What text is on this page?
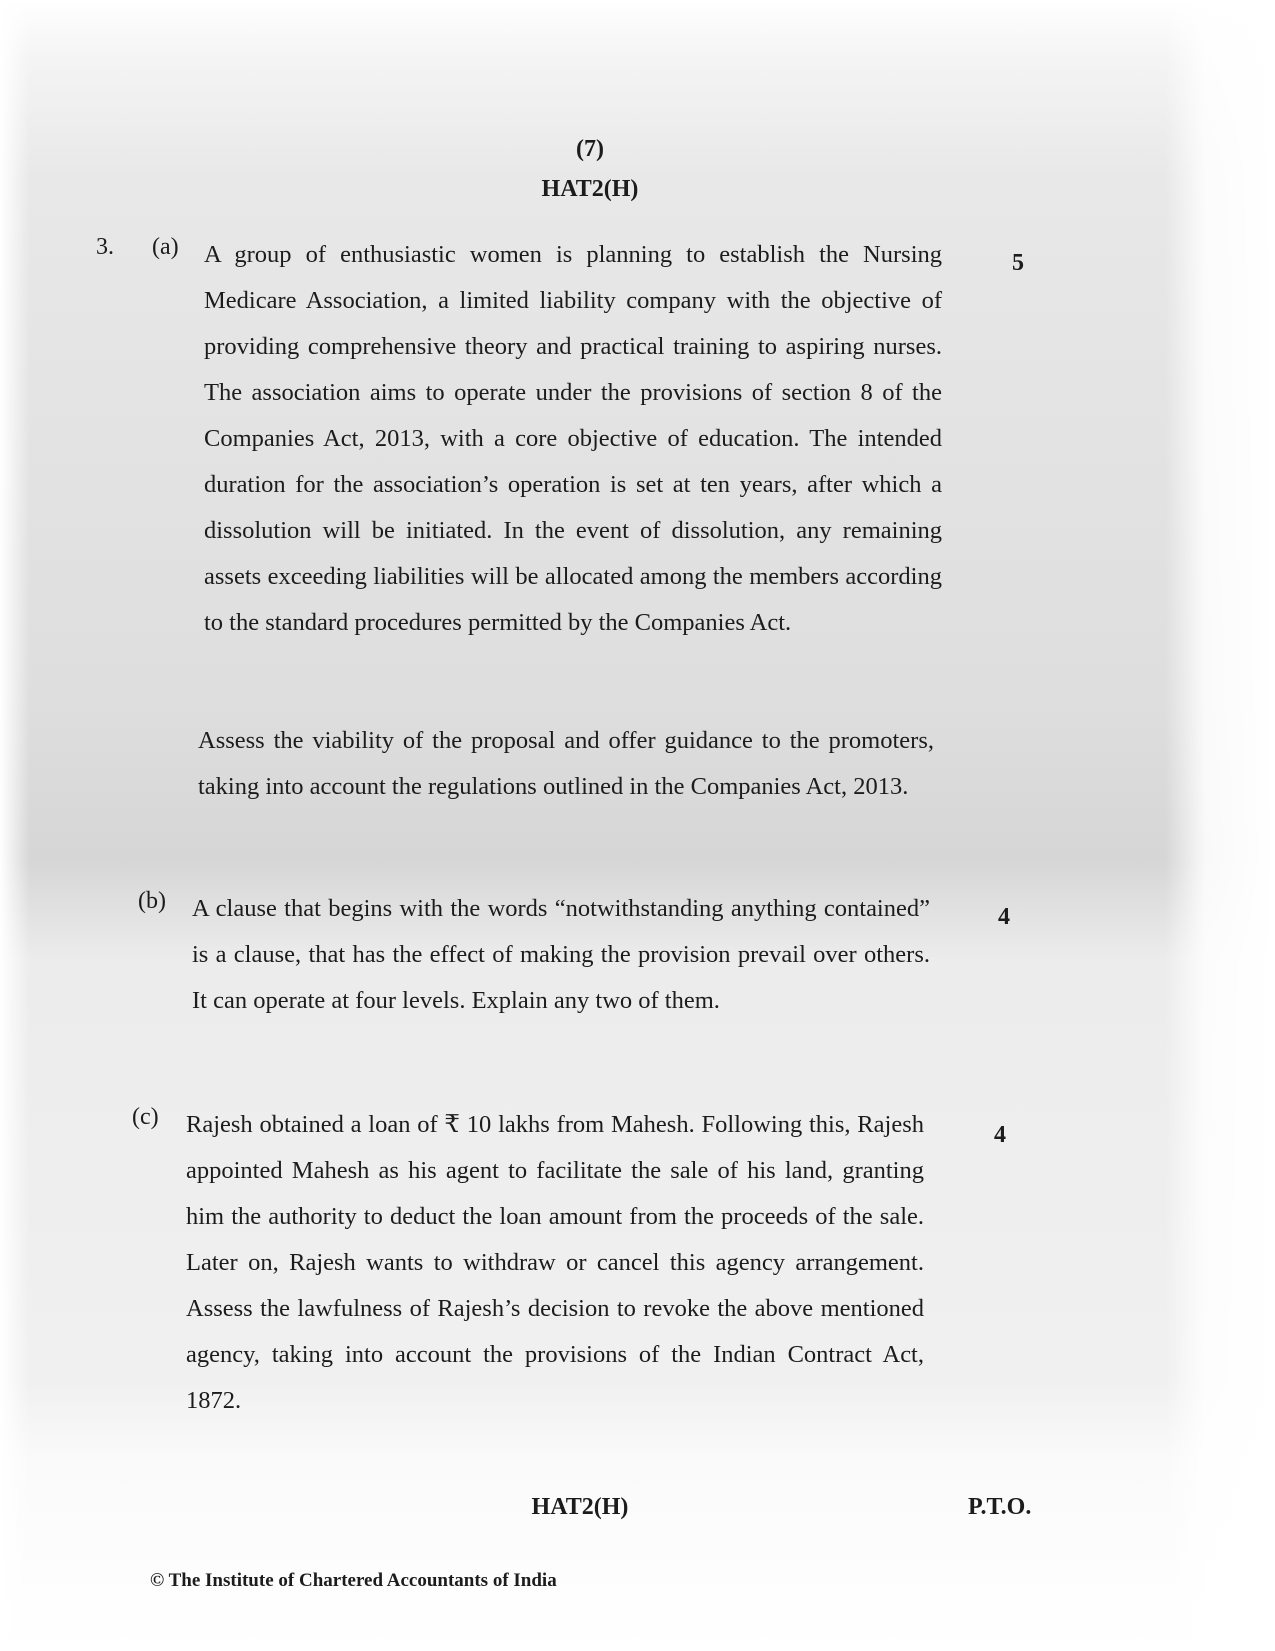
(7)
HAT2(H)
3. (a)
5

A group of enthusiastic women is planning to establish the Nursing Medicare Association, a limited liability company with the objective of providing comprehensive theory and practical training to aspiring nurses. The association aims to operate under the provisions of section 8 of the Companies Act, 2013, with a core objective of education. The intended duration for the association’s operation is set at ten years, after which a dissolution will be initiated. In the event of dissolution, any remaining assets exceeding liabilities will be allocated among the members according to the standard procedures permitted by the Companies Act.

Assess the viability of the proposal and offer guidance to the promoters, taking into account the regulations outlined in the Companies Act, 2013.

(b)
4

A clause that begins with the words “notwithstanding anything contained” is a clause, that has the effect of making the provision prevail over others. It can operate at four levels. Explain any two of them.

(c)
4

Rajesh obtained a loan of ₹ 10 lakhs from Mahesh. Following this, Rajesh appointed Mahesh as his agent to facilitate the sale of his land, granting him the authority to deduct the loan amount from the proceeds of the sale. Later on, Rajesh wants to withdraw or cancel this agency arrangement. Assess the lawfulness of Rajesh’s decision to revoke the above mentioned agency, taking into account the provisions of the Indian Contract Act, 1872.

HAT2(H)	P.T.O.
© The Institute of Chartered Accountants of India
